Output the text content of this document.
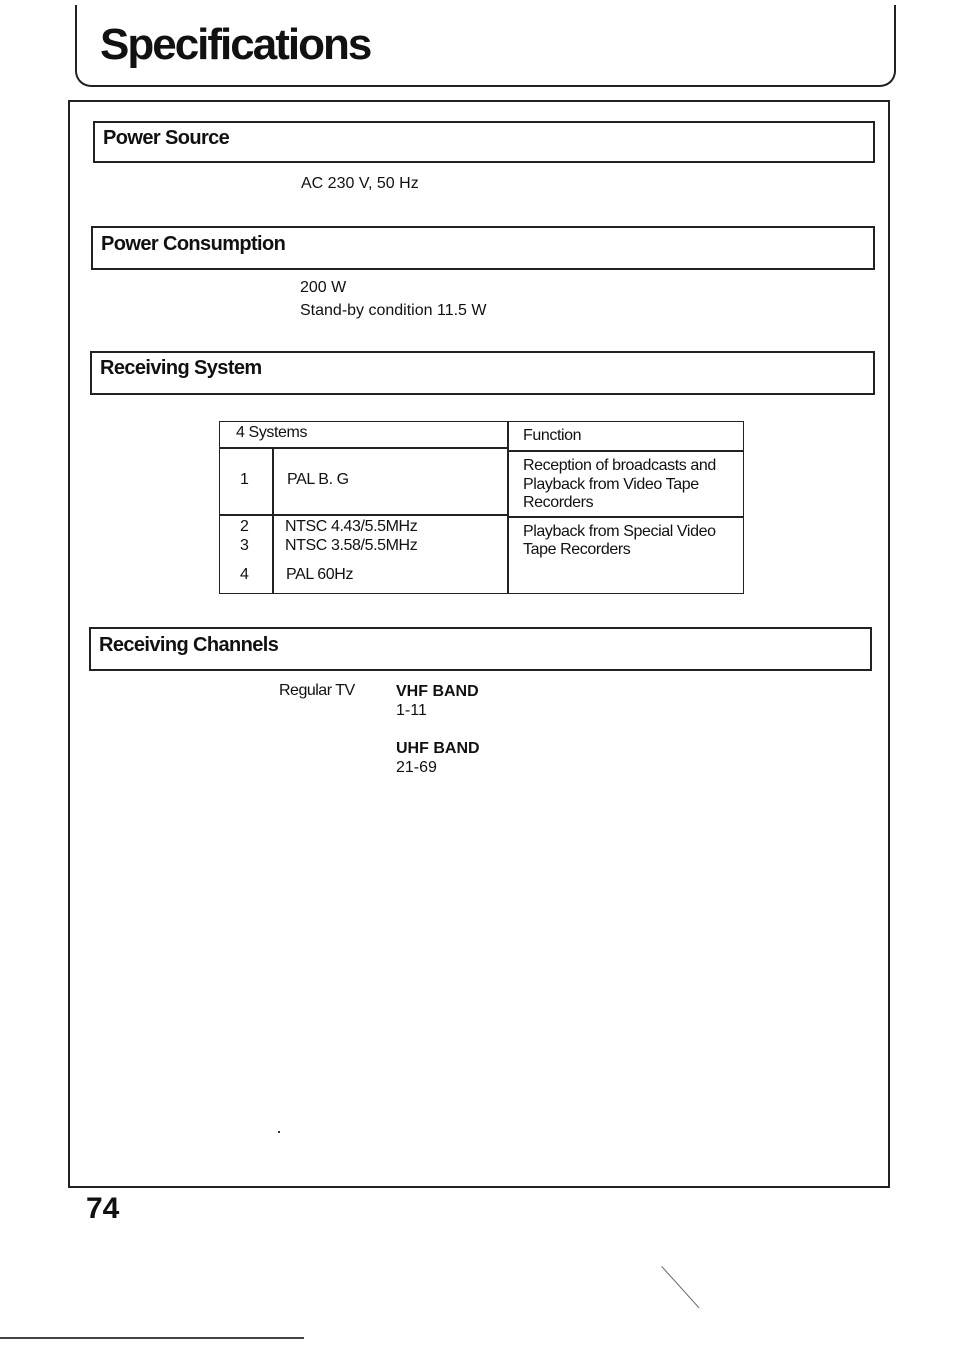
Specifications
Power Source
AC 230 V, 50 Hz
Power Consumption
200 W
Stand-by condition 11.5 W
Receiving System
4 Systems	Function
1 PAL B. G
Reception of broadcasts and
Playback from Video Tape
Recorders
2
3
NTSC 4.43/5.5MHz
NTSC 3.58/5.5MHz
Playback from Special Video
Tape Recorders
4 PAL 60Hz
Receiving Channels
Regular TV	VHF BAND
1-11
UHF BAND
21-69
74
